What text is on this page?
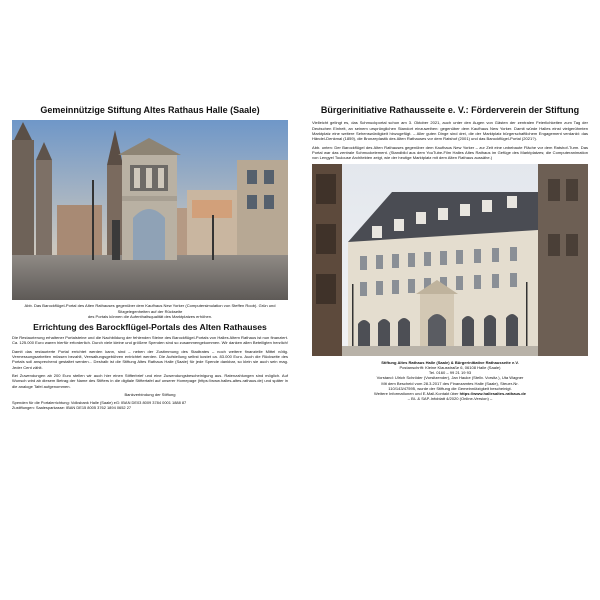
Gemeinnützige Stiftung Altes Rathaus Halle (Saale)

Abb. Das Barockflügel-Portal des Alten Rathauses gegenüber dem Kaufhaus New Yorker (Computersimulation von Steffen Roob). Grün und Sitzgelegenheiten auf der Rückseite
des Portals können die Aufenthaltsqualität des Marktplatzes erhöhen.

Errichtung des Barockflügel-Portals des Alten Rathauses

Die Restaurierung erhaltener Portalsteine und die Nachbildung der fehlenden Steine des Barockflügel-Portals von Halles Altem Rathaus ist nun finanziert. Ca. 125.000 Euro waren hierfür erforderlich. Durch viele kleine und größere Spenden sind so zusammengekommen. Wir danken allen Beteiligten herzlich!

Damit das restaurierte Portal errichtet werden kann, sind – neben der Zustimmung des Stadtrates – noch weitere finanzielle Mittel nötig. Vermessungsarbeiten müssen bezahlt, Verwaltungsgebühren entrichtet werden. Die Aufstellung selbst kostet ca. 83.000 Euro. Auch die Rückseite des Portals soll ansprechend gestaltet werden... Deshalb ist die Stiftung Altes Rathaus Halle (Saale) für jede Spende dankbar, so klein sie auch sein mag. Jeder Cent zählt.

Bei Zuwendungen ab 200 Euro stellen wir auch hier einen Stifterbrief und eine Zuwendungsbescheinigung aus. Ratenzahlungen sind möglich. Auf Wunsch wird ab diesem Betrag der Name des Stifters in die digitale Stiftertafel auf unserer Homepage (https://www.halles-altes-rathaus.de) und später in die analoge Tafel aufgenommen.

Bankverbindung der Stiftung

Spenden für die Portalerrichtung: Volksbank Halle (Saale) eG: IBAN DE03 8009 3784 0001 1888 87

Zustiftungen: Saalesparkasse: IBAN DE15 8005 3762 1894 0652 27

Bürgerinitiative Rathausseite e. V.: Förderverein der Stiftung

Vielleicht gelingt es, das Schmuckportal schon am 3. Oktober 2021, auch unter den Augen von Gästen der zentralen Feierlichkeiten zum Tag der Deutschen Einheit, an seinem ursprünglichen Standort einzuweihen: gegenüber dem Kaufhaus New Yorker. Damit würde Halles einst vielgerühmten Marktplatz eine weitere Sehenswürdigkeit hinzugefügt. – Aller guten Dinge sind drei, die der Marktplatz bürgerschaftlichem Engagement verdankt: das Händel-Denkmal (1859), die Bronzeplastik des Alten Rathauses vor dem Ratshof (2001) und das Barockflügel-Portal (2021?).

Abb. unten: Der Barockflügel des Alten Rathauses gegenüber dem Kaufhaus New Yorker – zur Zeit eine unbebaute Fläche vor dem Ratshof-Turm. Das Portal war das zentrale Schmuckelement. (Standbild aus dem YouTube-Film Halles Altes Rathaus im Gefüge des Marktplatzes; die Computeranimation von Lengyel Toulouse Architekten zeigt, wie der heutige Marktplatz mit dem Alten Rathaus aussähe.)

Stiftung Altes Rathaus Halle (Saale) & Bürgerinitiative Rathausseite e.V.

Postanschrift: Kleine Klausstraße 6, 06108 Halle (Saale)

Tel. 0160 – 99 21 19 93

Vorstand: Ulrich Schröder (Vorsitzender), Jan Hauke (Stellv. Vorsitz.), Uta Wagner

Mit dem Bescheid vom 28.3.2017 des Finanzamtes Halle (Saale), Steuer-Nr.

110/143/47595, wurde der Stiftung die Gemeinnützigkeit bescheinigt.

Weitere Informationen und E-Mail-Kontakt über https://www.hallesaltes-rathaus.de

– BI- & SAP-Infoblatt 4/2020 (Online-Version) –
